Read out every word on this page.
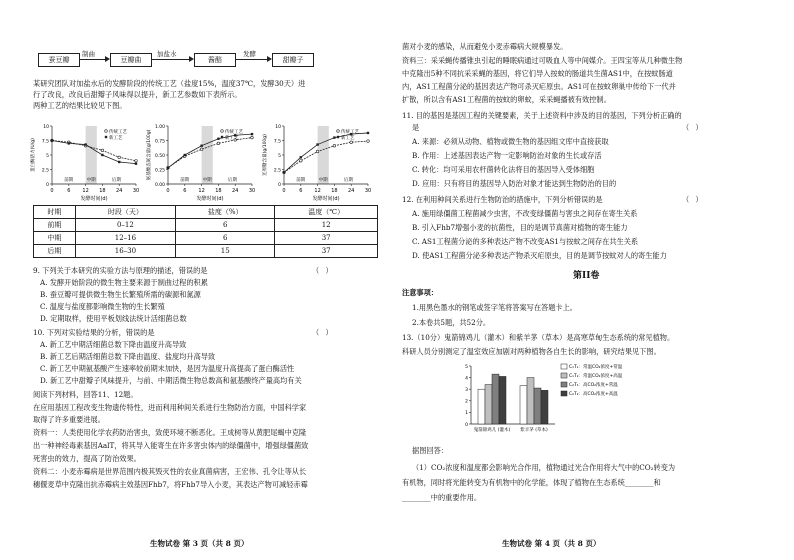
蚕豆瓣
制曲
豆瓣曲
加盐水
酱醅
发酵
甜瓣子
某研究团队对加盐水后的发酵阶段的传统工艺（盐度15%，温度37℃，发酵30天）进
行了改良，改良后甜瓣子风味得以提升，新工艺参数如下表所示。
两种工艺的结果比较见下图。
0	6 12 18 24 30
0
2.5
5
7.5
10
前期	中期	后期
传统工艺
新工艺
蛋白酶活力(U/g)
发酵时间(d)
0	6 12 18 24 30
0.00
0.25
0.50
0.75
1.00
前期	中期	后期
传统工艺
新工艺
氨基酸态氮含量(g/100g)
发酵时间(d)
0	6 12 18 24 30
0
2.5
5
7.5
10
前期	中期	后期
传统工艺
新工艺
还原糖含量(g/100g)
发酵时间(d)
时期	时段（天）	盐度（%）	温度（℃）
前期	0–12	6	12
中期	12–16	6	37
后期	16–30	15	37
9. 下列关于本研究的实验方法与原理的描述，错误的是	（ ）
A. 发酵开始阶段的微生物主要来源于制曲过程的积累
B. 蚕豆瓣可提供微生物生长繁殖所需的碳源和氮源
C. 温度与盐度都影响微生物的生长繁殖
D. 定期取样，使用平板划线法统计活细菌总数
10. 下列对实验结果的分析，错误的是	（ ）
A. 新工艺中期活细菌总数下降由温度升高导致
B. 新工艺后期活细菌总数下降由温度、盐度均升高导致
C. 新工艺中期氨基酸产生速率较前期末加快，是因为温度升高提高了蛋白酶活性
D. 新工艺中甜瓣子风味提升，与前、中期活微生物总数高和氨基酸终产量高均有关
阅读下列材料，回答11、12题。
在应用基因工程改变生物遗传特性，进而利用种间关系进行生物防治方面，中国科学家
取得了许多重要进展。
资料一：人类使用化学农药防治害虫，致使环境不断恶化。王成树等从黄肥尾蝎中克隆
出一种神经毒素基因AalT，将其导入能寄生在许多害虫体内的绿僵菌中，增强绿僵菌致
死害虫的效力，提高了防治效果。
资料二：小麦赤霉病是世界范围内极其毁灭性的农业真菌病害，王宏伟、孔令让等从长
穗偃麦草中克隆出抗赤霉病主效基因Fhb7，将Fhb7导入小麦，其表达产物可减轻赤霉
生物试卷 第 3 页（共 8 页）
菌对小麦的感染，从而避免小麦赤霉病大规模暴发。
资料三：采采蝇传播锥虫引起的睡眠病通过可吸血人等中间媒介。王四宝等从几种微生物
中克隆出5种不同抗采采蝇的基因，将它们导入按蚊的肠道共生菌AS1中，在按蚊肠道
内，AS1工程菌分泌的基因表达产物可杀灭疟原虫。AS1可在按蚊卵巢中传给下一代并
扩散，所以含有AS1工程菌的按蚊的卵蚊，采采蝇播被有效控制。
11. 目的基因是基因工程的关键要素，关于上述资料中涉及的目的基因，下列分析正确的
是	（ ）
A. 来源：必须从动物、植物或微生物的基因组文库中直接获取
B. 作用：上述基因表达产物一定影响防治对象的生长或存活
C. 转化：均可采用农杆菌转化法将目的基因导入受体细胞
D. 应用：只有将目的基因导入防治对象才能达到生物防治的目的
12. 在利用种间关系进行生物防治的措施中，下列分析错误的是	（ ）
A. 施用绿僵菌工程菌减少虫害，不改变绿僵菌与害虫之间存在寄生关系
B. 引入Fhb7增强小麦的抗菌性，目的是调节真菌对植物的寄生能力
C. AS1工程菌分泌的多种表达产物不改变AS1与按蚊之间存在共生关系
D. 使AS1工程菌分泌多种表达产物杀灭疟原虫，目的是调节按蚊对人的寄生能力
第II卷
注意事项：
1.用黑色墨水的钢笔或签字笔将答案写在答题卡上。
2.本卷共5题，共52分。
13.（10分）鬼箭锦鸡儿（灌木）和紫羊茅（草本）是高寒草甸生态系统的常见植物。
科研人员分别测定了温室效应加剧对两种植物各自生长的影响，研究结果见下图。
0
1
2
3
4
5
鬼箭锦鸡儿 (灌木) 紫羊茅 (草本)
C₁T₁：常温CO₂浓度+常温
C₁T₂：常温CO₂浓度+高温
C₂T₁：高CO₂浓度+常温
C₂T₂：高CO₂浓度+高温
据图回答：
（1）CO₂浓度和温度都会影响光合作用，植物通过光合作用将大气中的CO₂转变为
有机物，同时将光能转变为有机物中的化学能，体现了植物在生态系统________和
________中的重要作用。
生物试卷 第 4 页（共 8 页）
